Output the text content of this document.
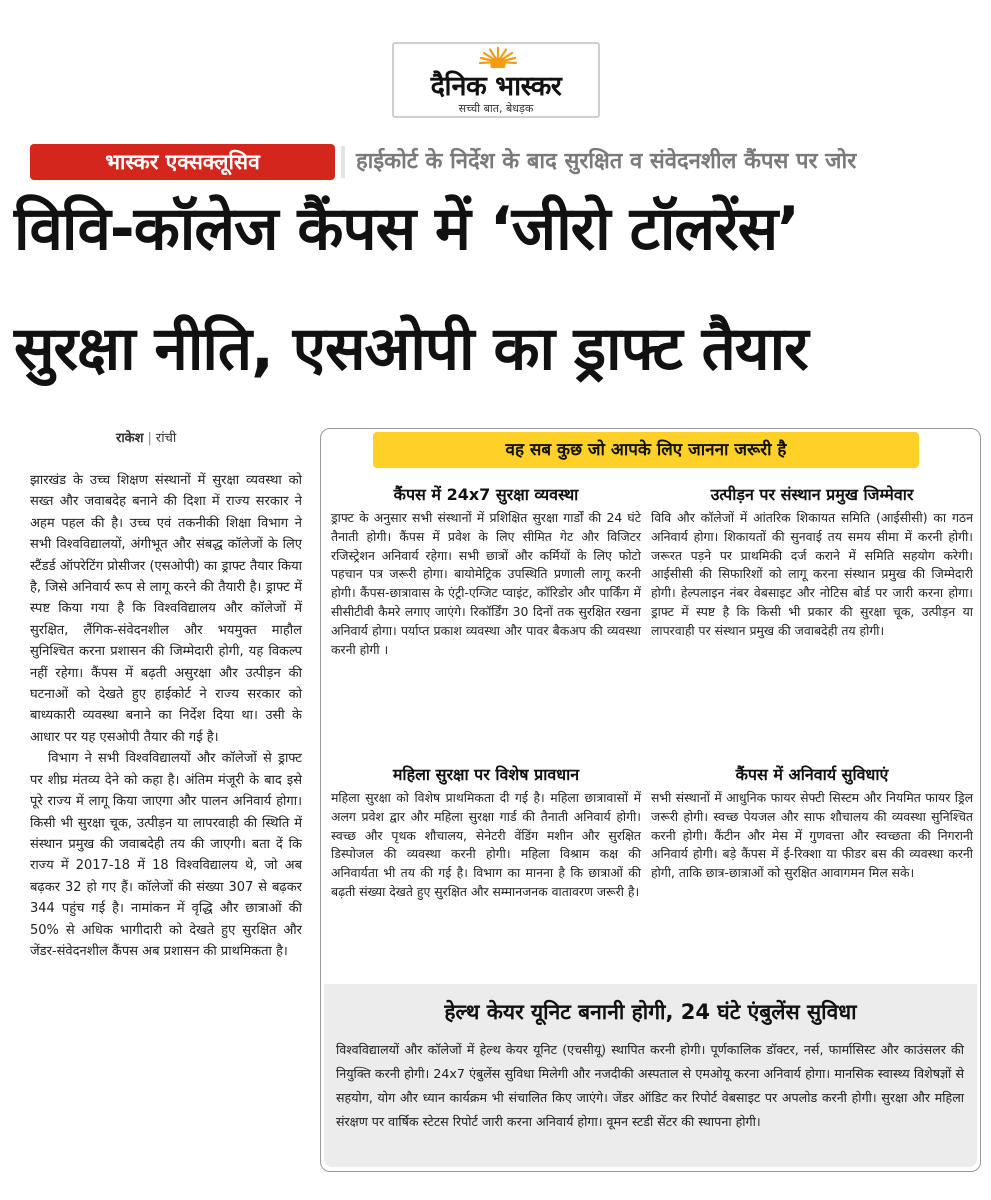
दैनिक भास्कर
सच्ची बात, बेधड़क
भास्कर एक्सक्लूसिव	हाईकोर्ट के निर्देश के बाद सुरक्षित व संवेदनशील कैंपस पर जोर
विवि-कॉलेज कैंपस में ‘जीरो टॉलरेंस’
सुरक्षा नीति, एसओपी का ड्राफ्ट तैयार
राकेश | रांची

झारखंड के उच्च शिक्षण संस्थानों में सुरक्षा व्यवस्था को सख्त और जवाबदेह बनाने की दिशा में राज्य सरकार ने अहम पहल की है। उच्च एवं तकनीकी शिक्षा विभाग ने सभी विश्वविद्यालयों, अंगीभूत और संबद्ध कॉलेजों के लिए स्टैंडर्ड ऑपरेटिंग प्रोसीजर (एसओपी) का ड्राफ्ट तैयार किया है, जिसे अनिवार्य रूप से लागू करने की तैयारी है। ड्राफ्ट में स्पष्ट किया गया है कि विश्वविद्यालय और कॉलेजों में सुरक्षित, लैंगिक-संवेदनशील और भयमुक्त माहौल सुनिश्चित करना प्रशासन की जिम्मेदारी होगी, यह विकल्प नहीं रहेगा। कैंपस में बढ़ती असुरक्षा और उत्पीड़न की घटनाओं को देखते हुए हाईकोर्ट ने राज्य सरकार को बाध्यकारी व्यवस्था बनाने का निर्देश दिया था। उसी के आधार पर यह एसओपी तैयार की गई है।

विभाग ने सभी विश्वविद्यालयों और कॉलेजों से ड्राफ्ट पर शीघ्र मंतव्य देने को कहा है। अंतिम मंजूरी के बाद इसे पूरे राज्य में लागू किया जाएगा और पालन अनिवार्य होगा। किसी भी सुरक्षा चूक, उत्पीड़न या लापरवाही की स्थिति में संस्थान प्रमुख की जवाबदेही तय की जाएगी। बता दें कि राज्य में 2017-18 में 18 विश्वविद्यालय थे, जो अब बढ़कर 32 हो गए हैं। कॉलेजों की संख्या 307 से बढ़कर 344 पहुंच गई है। नामांकन में वृद्धि और छात्राओं की 50% से अधिक भागीदारी को देखते हुए सुरक्षित और जेंडर-संवेदनशील कैंपस अब प्रशासन की प्राथमिकता है।

वह सब कुछ जो आपके लिए जानना जरूरी है
कैंपस में 24x7 सुरक्षा व्यवस्था
ड्राफ्ट के अनुसार सभी संस्थानों में प्रशिक्षित सुरक्षा गार्डों की 24 घंटे तैनाती होगी। कैंपस में प्रवेश के लिए सीमित गेट और विजिटर रजिस्ट्रेशन अनिवार्य रहेगा। सभी छात्रों और कर्मियों के लिए फोटो पहचान पत्र जरूरी होगा। बायोमेट्रिक उपस्थिति प्रणाली लागू करनी होगी। कैंपस-छात्रावास के एंट्री-एग्जिट प्वाइंट, कॉरिडोर और पार्किंग में सीसीटीवी कैमरे लगाए जाएंगे। रिकॉर्डिंग 30 दिनों तक सुरक्षित रखना अनिवार्य होगा। पर्याप्त प्रकाश व्यवस्था और पावर बैकअप की व्यवस्था करनी होगी ।
उत्पीड़न पर संस्थान प्रमुख जिम्मेवार
विवि और कॉलेजों में आंतरिक शिकायत समिति (आईसीसी) का गठन अनिवार्य होगा। शिकायतों की सुनवाई तय समय सीमा में करनी होगी। जरूरत पड़ने पर प्राथमिकी दर्ज कराने में समिति सहयोग करेगी। आईसीसी की सिफारिशों को लागू करना संस्थान प्रमुख की जिम्मेदारी होगी। हेल्पलाइन नंबर वेबसाइट और नोटिस बोर्ड पर जारी करना होगा। ड्राफ्ट में स्पष्ट है कि किसी भी प्रकार की सुरक्षा चूक, उत्पीड़न या लापरवाही पर संस्थान प्रमुख की जवाबदेही तय होगी।
महिला सुरक्षा पर विशेष प्रावधान
महिला सुरक्षा को विशेष प्राथमिकता दी गई है। महिला छात्रावासों में अलग प्रवेश द्वार और महिला सुरक्षा गार्ड की तैनाती अनिवार्य होगी। स्वच्छ और पृथक शौचालय, सेनेटरी वेंडिंग मशीन और सुरक्षित डिस्पोजल की व्यवस्था करनी होगी। महिला विश्राम कक्ष की अनिवार्यता भी तय की गई है। विभाग का मानना है कि छात्राओं की बढ़ती संख्या देखते हुए सुरक्षित और सम्मानजनक वातावरण जरूरी है।
कैंपस में अनिवार्य सुविधाएं
सभी संस्थानों में आधुनिक फायर सेफ्टी सिस्टम और नियमित फायर ड्रिल जरूरी होगी। स्वच्छ पेयजल और साफ शौचालय की व्यवस्था सुनिश्चित करनी होगी। कैंटीन और मेस में गुणवत्ता और स्वच्छता की निगरानी अनिवार्य होगी। बड़े कैंपस में ई-रिक्शा या फीडर बस की व्यवस्था करनी होगी, ताकि छात्र-छात्राओं को सुरक्षित आवागमन मिल सके।
हेल्थ केयर यूनिट बनानी होगी, 24 घंटे एंबुलेंस सुविधा
विश्वविद्यालयों और कॉलेजों में हेल्थ केयर यूनिट (एचसीयू) स्थापित करनी होगी। पूर्णकालिक डॉक्टर, नर्स, फार्मासिस्ट और काउंसलर की नियुक्ति करनी होगी। 24x7 एंबुलेंस सुविधा मिलेगी और नजदीकी अस्पताल से एमओयू करना अनिवार्य होगा। मानसिक स्वास्थ्य विशेषज्ञों से सहयोग, योग और ध्यान कार्यक्रम भी संचालित किए जाएंगे। जेंडर ऑडिट कर रिपोर्ट वेबसाइट पर अपलोड करनी होगी। सुरक्षा और महिला संरक्षण पर वार्षिक स्टेटस रिपोर्ट जारी करना अनिवार्य होगा। वूमन स्टडी सेंटर की स्थापना होगी।
